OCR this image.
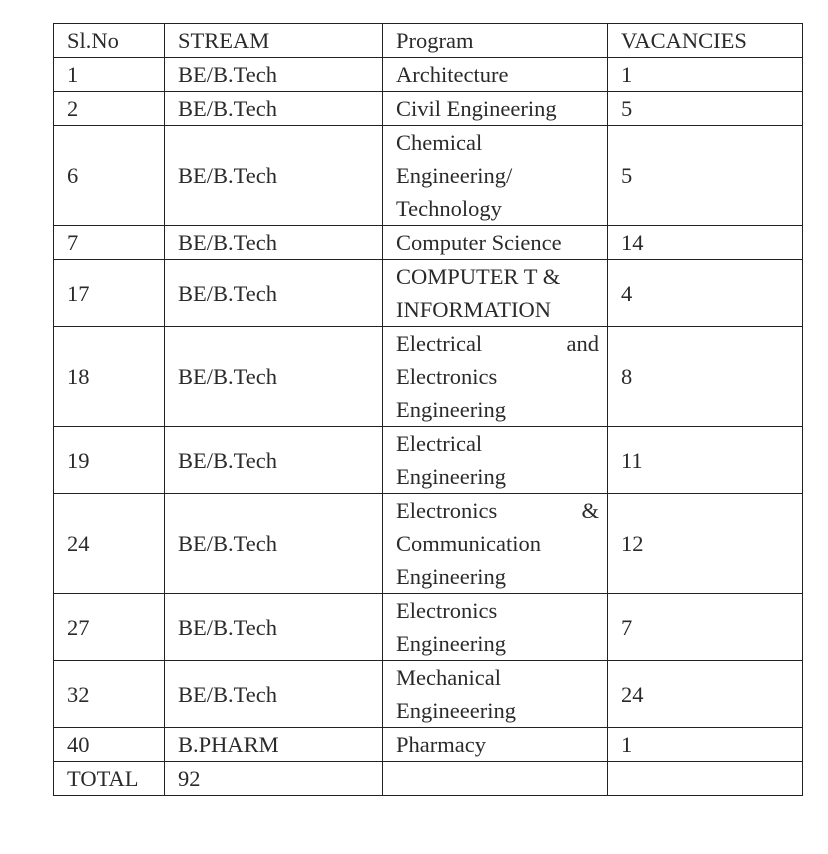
Sl.No	STREAM	Program	VACANCIES
1	BE/B.Tech	Architecture	1
2	BE/B.Tech	Civil Engineering	5
6	BE/B.Tech	Chemical
Engineering/
Technology	5
7	BE/B.Tech	Computer Science	14
17	BE/B.Tech	COMPUTER T &
INFORMATION	4
18	BE/B.Tech	Electrical and
Electronics
Engineering	8
19	BE/B.Tech	Electrical
Engineering	11
24	BE/B.Tech	Electronics &
Communication
Engineering	12
27	BE/B.Tech	Electronics
Engineering	7
32	BE/B.Tech	Mechanical
Engineeering	24
40	B.PHARM	Pharmacy	1
TOTAL	92		
